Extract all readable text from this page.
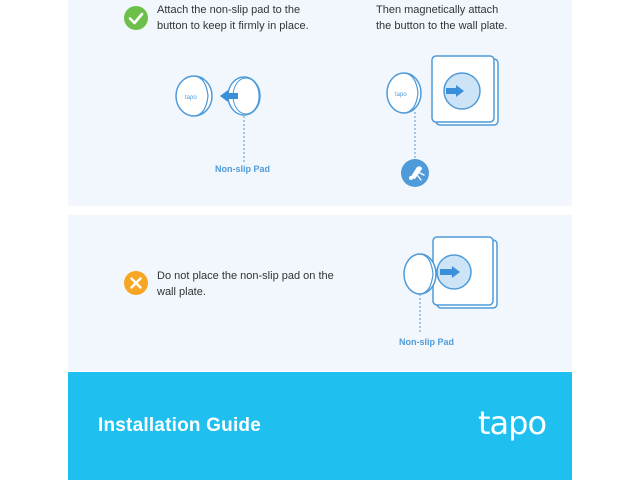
Attach the non-slip pad to the
button to keep it firmly in place.
Then magnetically attach
the button to the wall plate.
tapo
Non-slip Pad
tapo
Do not place the non-slip pad on the
wall plate.
Non-slip Pad
Installation Guide	tapo
